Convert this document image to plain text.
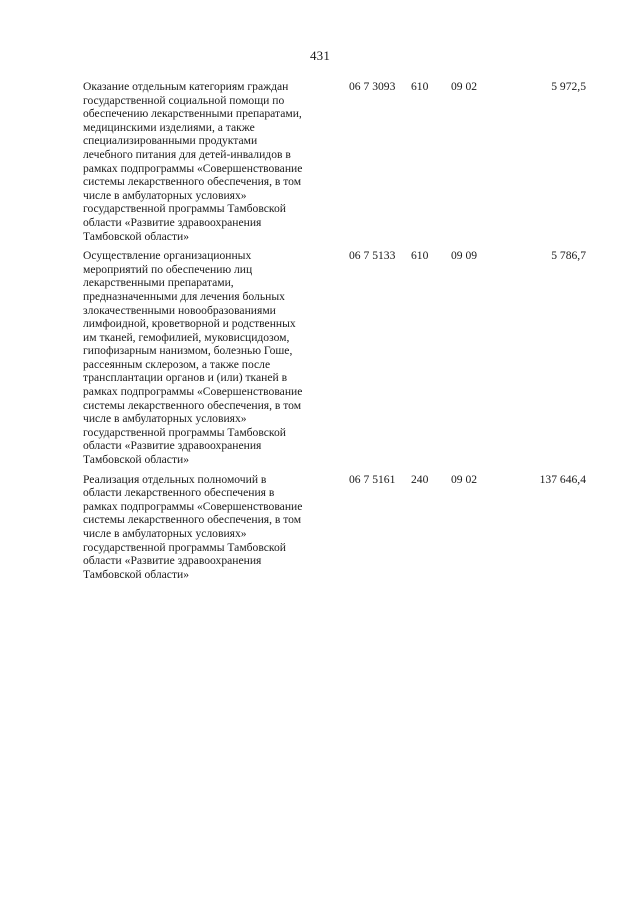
431
Оказание отдельным категориям граждан
государственной социальной помощи по
обеспечению лекарственными препаратами,
медицинскими изделиями, а также
специализированными продуктами
лечебного питания для детей-инвалидов в
рамках подпрограммы «Совершенствование
системы лекарственного обеспечения, в том
числе в амбулаторных условиях»
государственной программы Тамбовской
области «Развитие здравоохранения
Тамбовской области»
06 7 3093 610 09 02	5 972,5
Осуществление организационных
мероприятий по обеспечению лиц
лекарственными препаратами,
предназначенными для лечения больных
злокачественными новообразованиями
лимфоидной, кроветворной и родственных
им тканей, гемофилией, муковисцидозом,
гипофизарным нанизмом, болезнью Гоше,
рассеянным склерозом, а также после
трансплантации органов и (или) тканей в
рамках подпрограммы «Совершенствование
системы лекарственного обеспечения, в том
числе в амбулаторных условиях»
государственной программы Тамбовской
области «Развитие здравоохранения
Тамбовской области»
06 7 5133 610 09 09	5 786,7
Реализация отдельных полномочий в
области лекарственного обеспечения в
рамках подпрограммы «Совершенствование
системы лекарственного обеспечения, в том
числе в амбулаторных условиях»
государственной программы Тамбовской
области «Развитие здравоохранения
Тамбовской области»
06 7 5161 240 09 02	137 646,4
